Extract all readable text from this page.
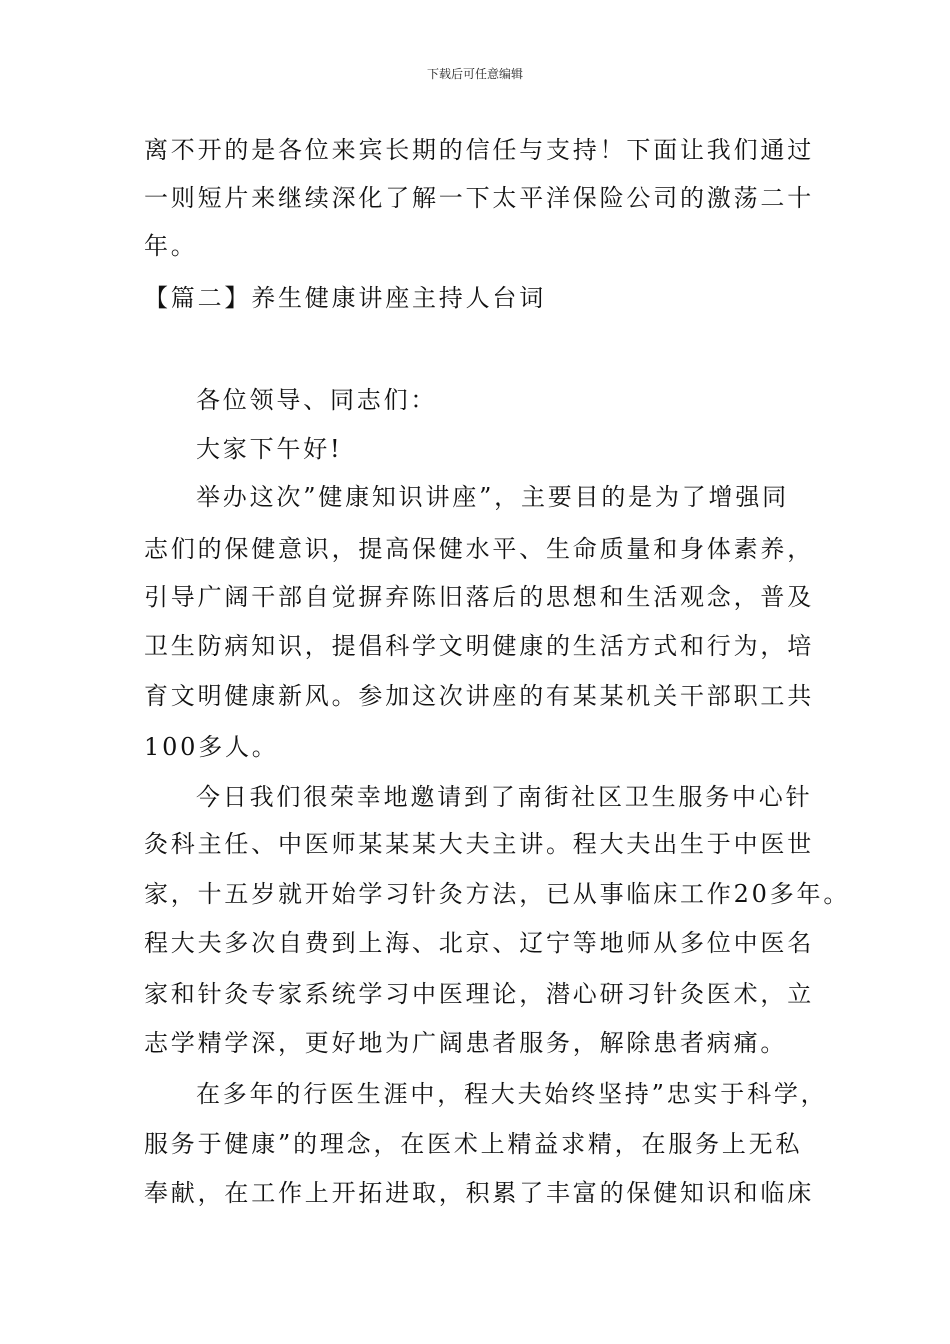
下载后可任意编辑
离不开的是各位来宾长期的信任与支持！下面让我们通过
一则短片来继续深化了解一下太平洋保险公司的激荡二十
年。
【篇二】养生健康讲座主持人台词
各位领导、同志们：
大家下午好!
举办这次”健康知识讲座”，主要目的是为了增强同
志们的保健意识，提高保健水平、生命质量和身体素养，
引导广阔干部自觉摒弃陈旧落后的思想和生活观念，普及
卫生防病知识，提倡科学文明健康的生活方式和行为，培
育文明健康新风。参加这次讲座的有某某机关干部职工共
100多人。
今日我们很荣幸地邀请到了南街社区卫生服务中心针
灸科主任、中医师某某某大夫主讲。程大夫出生于中医世
家，十五岁就开始学习针灸方法，已从事临床工作20多年。
程大夫多次自费到上海、北京、辽宁等地师从多位中医名
家和针灸专家系统学习中医理论，潜心研习针灸医术，立
志学精学深，更好地为广阔患者服务，解除患者病痛。
在多年的行医生涯中，程大夫始终坚持”忠实于科学，
服务于健康”的理念，在医术上精益求精，在服务上无私
奉献，在工作上开拓进取，积累了丰富的保健知识和临床
